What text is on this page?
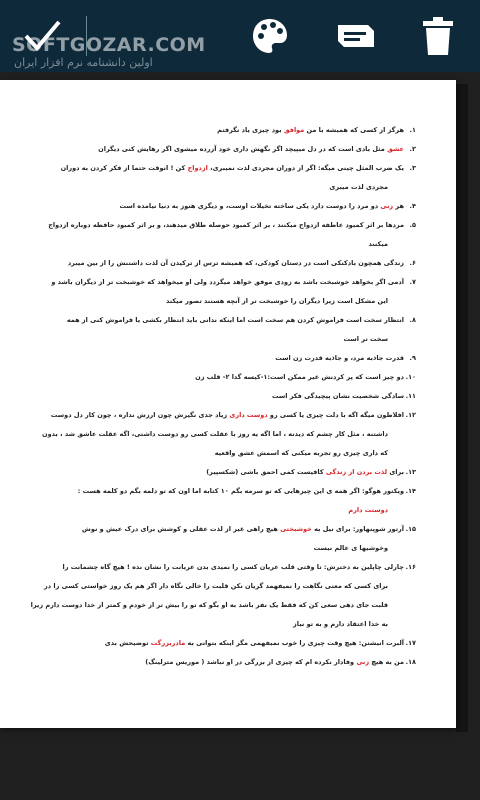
SOFTGOZAR.COM
اولین دانشنامه نرم افزار ایران
۱.
هرگز از کسی که همیشه با من موافق بود چیزی یاد نگرفتم
۲.
عشق مثل بادی است که در دل میپیچد اگر نگهش داری خود آزرده میشوی اگر رهایش کنی دیگران
۳.
یک ضرب المثل چینی میگه: اگر از دوران مجردی لذت نمیبری، ازدواج کن ! انوقت حتما از فکر کردن به دوران
مجردی لذت میبری
۴.
هر زنی دو مرد را دوست دارد یکی ساخته تخیلات اوست، و دیگری هنوز به دنیا نیامده است
۵.
مردها بر اثر کمبود عاطفه ازدواج میکنند ، بر اثر کمبود حوصله طلاق میدهند، و بر اثر کمبود حافظه دوباره ازدواج
میکنند
۶.
زندگی همچون بادکنکی است در دستان کودکی، که همیشه ترس از ترکیدن آن لذت داشتنش را از بین میبرد
۷.
آدمی اگر بخواهد خوشبخت باشد به زودی موفق خواهد میگردد ولی او میخواهد که خوشبخت تر از دیگران باشد و
این مشکل است زیرا دیگران را خوشبخت تر از آنچه هستند تصور میکند
۸.
انتظار سخت است فراموش کردن هم سخت است اما اینکه ندانی باید انتظار بکشی یا فراموش کنی از همه
سخت تر است
۹.
قدرت جاذبه مرد، و جاذبه قدرت زن است
۱۰.
دو چیز است که پر کردنش غیر ممکن است:۱-کیسه گدا ۲- قلب زن
۱۱.
سادگی شخصیت نشان پیچیدگی فکر است
۱۲.
افلاطون میگه اگه با دلت چیزی یا کسی رو دوست داری زیاد جدی نگیرش چون ارزش نداره ، چون کار دل دوست
داشتنه ، مثل کار چشم که دیدنه ، اما اگه یه روز با عقلت کسی رو دوست داشتی، اگه عقلت عاشق شد ، بدون
که داری چیزی رو تجربه میکنی که اسمش عشق واقعیه
۱۳.
برای لذت بردن از زندگی کافیست کمی احمق باشی (شکسپیر)
۱۴.
ویکتور هوگو: اگر همه ی این چیزهایی که تو سرمه بگم ۱۰ کتابه اما اون که تو دلمه بگم دو کلمه هست :
دوستت دارم
۱۵.
آرتور شوپنهاور: برای نیل به خوشبختی هیچ راهی غیر از لذت عقلی و کوشش برای درک عیش و نوش
وخوشیها ی عالم نیست
۱۶.
چارلی چاپلین به دخترش: تا وقتی قلب عریان کسی را نمیدی بدن عریانت را نشان نده ! هیچ گاه چشمانت را
برای کسی که معنی نگاهت را نمیفهمد گریان نکن قلبت را خالی نگاه دار اگر هم یک روز خواستی کسی را در
قلبت جای دهی سعی کن که فقط یک نفر باشد به او بگو که تو را بیش تر از خودم و کمتر از خدا دوست دارم زیرا
به خدا اعتقاد دارم و به تو نیاز
۱۷.
آلبرت انیشتن: هیچ وقت چیزی را خوب نمیفهمی مگر اینکه بتوانی به مادربزرگت توضیحش بدی
۱۸.
من به هیچ زنی وفادار نکرده ام که چیزی از بزرگی در او نباشد ( موریس مترلینگ)
